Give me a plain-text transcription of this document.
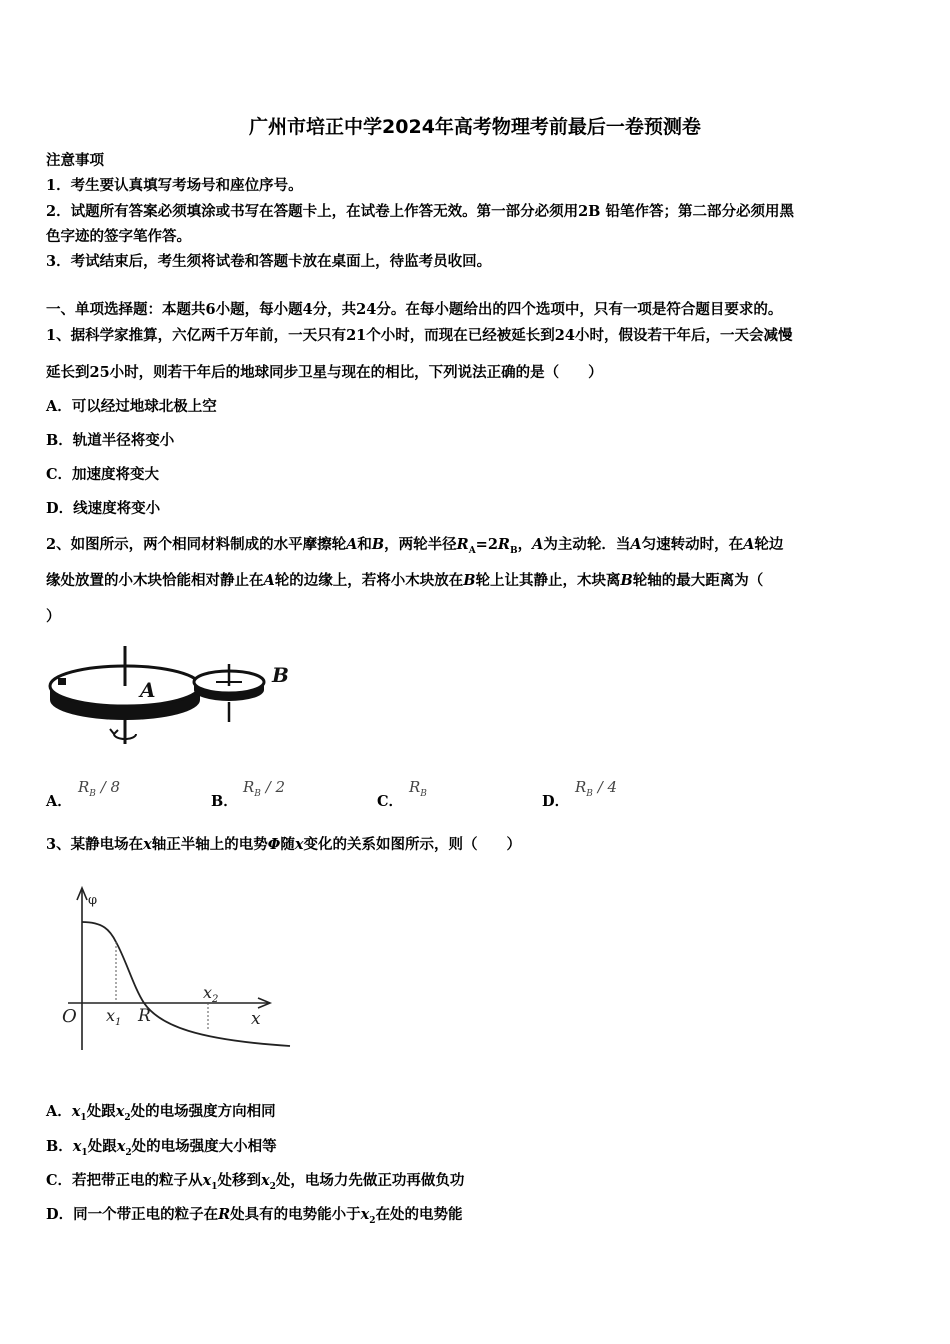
广州市培正中学2024年高考物理考前最后一卷预测卷
注意事项
1．考生要认真填写考场号和座位序号。
2．试题所有答案必须填涂或书写在答题卡上，在试卷上作答无效。第一部分必须用2B 铅笔作答；第二部分必须用黑
色字迹的签字笔作答。
3．考试结束后，考生须将试卷和答题卡放在桌面上，待监考员收回。
一、单项选择题：本题共6小题，每小题4分，共24分。在每小题给出的四个选项中，只有一项是符合题目要求的。
1、据科学家推算，六亿两千万年前，一天只有21个小时，而现在已经被延长到24小时，假设若干年后，一天会减慢
延长到25小时，则若干年后的地球同步卫星与现在的相比，下列说法正确的是（　　）
A．可以经过地球北极上空
B．轨道半径将变小
C．加速度将变大
D．线速度将变小
2、如图所示，两个相同材料制成的水平摩擦轮A和B，两轮半径$R_A=2R_B$，A为主动轮．当A匀速转动时，在A轮边
缘处放置的小木块恰能相对静止在A轮的边缘上，若将小木块放在B轮上让其静止，木块离B轮轴的最大距离为（
）
A
B
A．
$R_B / 8$
B．
$R_B / 2$
C．
$R_B$	D．
$R_B / 4$
3、某静电场在x轴正半轴上的电势Φ随x变化的关系如图所示，则（　　）
φ
O $x_1$ R
$x_2$
x
A．$x_1$处跟$x_2$处的电场强度方向相同
B．$x_1$处跟$x_2$处的电场强度大小相等
C．若把带正电的粒子从$x_1$处移到$x_2$处，电场力先做正功再做负功
D．同一个带正电的粒子在R处具有的电势能小于$x_2$在处的电势能
